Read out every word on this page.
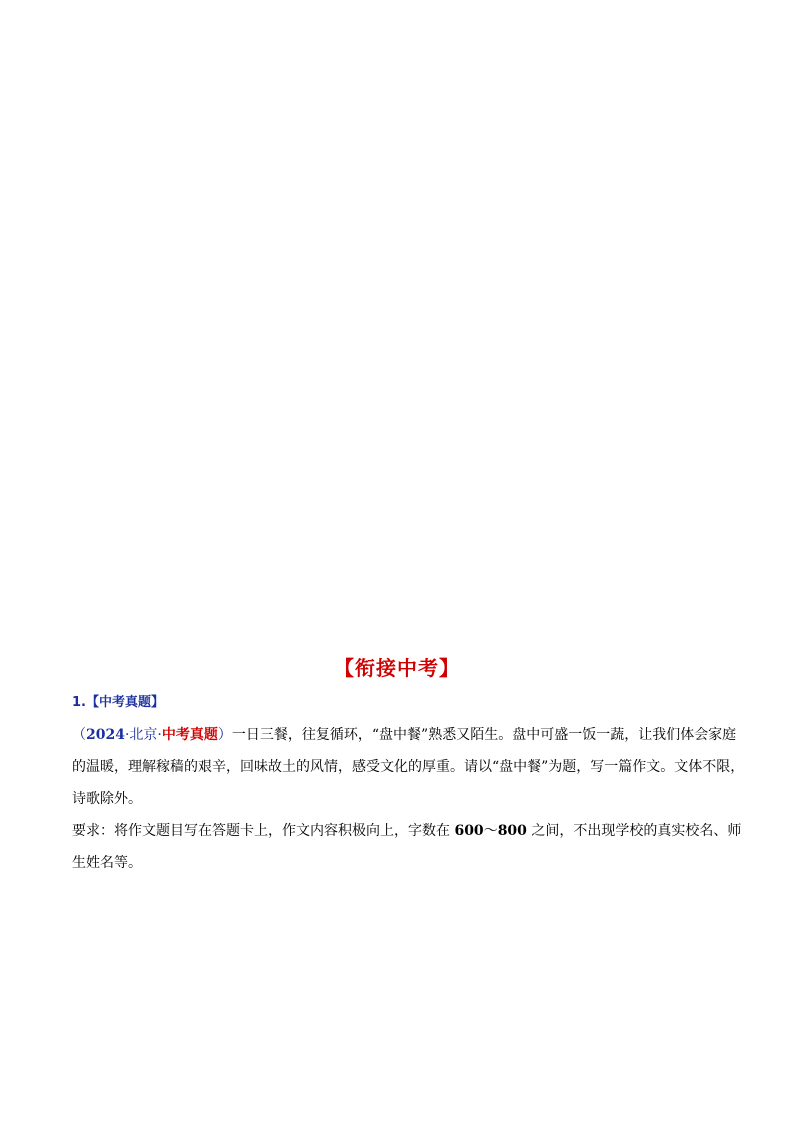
【衔接中考】
1.【中考真题】
（2024·北京·中考真题）一日三餐，往复循环，“盘中餐”熟悉又陌生。盘中可盛一饭一蔬，让我们体会家庭
的温暖，理解稼穑的艰辛，回味故土的风情，感受文化的厚重。请以“盘中餐”为题，写一篇作文。文体不限，
诗歌除外。
要求：将作文题目写在答题卡上，作文内容积极向上，字数在 600～800 之间，不出现学校的真实校名、师
生姓名等。
